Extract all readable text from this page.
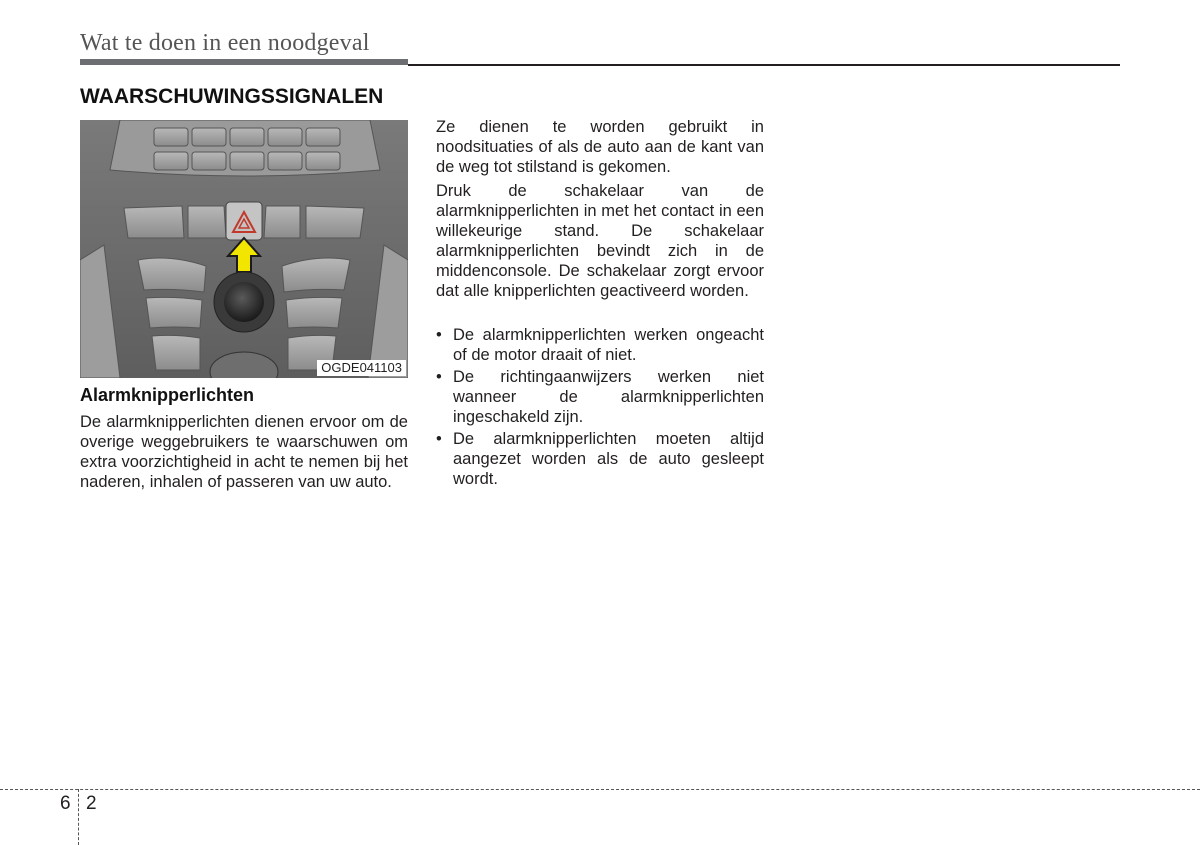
Wat te doen in een noodgeval
WAARSCHUWINGSSIGNALEN
OGDE041103
Alarmknipperlichten

De alarmknipperlichten dienen ervoor om de overige weggebruikers te waarschuwen om extra voorzichtigheid in acht te nemen bij het naderen, inhalen of passeren van uw auto.

Ze dienen te worden gebruikt in noodsituaties of als de auto aan de kant van de weg tot stilstand is gekomen.

Druk de schakelaar van de alarmknipperlichten in met het contact in een willekeurige stand. De schakelaar alarmknipperlichten bevindt zich in de middenconsole. De schakelaar zorgt ervoor dat alle knipperlichten geactiveerd worden.

• De alarmknipperlichten werken ongeacht of de motor draait of niet.
• De richtingaanwijzers werken niet wanneer de alarmknipperlichten ingeschakeld zijn.
• De alarmknipperlichten moeten altijd aangezet worden als de auto gesleept wordt.
6 2
